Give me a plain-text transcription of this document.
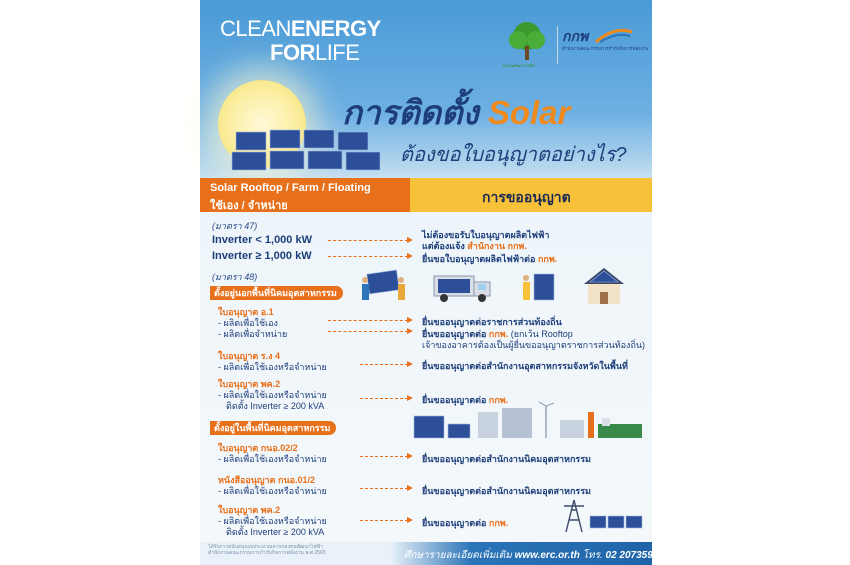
CLEANENERGY
FORLIFE
กองทุนพัฒนาไฟฟ้า
กกพ
สำนักงานคณะกรรมการกำกับกิจการพลังงาน
การติดตั้ง Solar
ต้องขอใบอนุญาตอย่างไร?
Solar Rooftop / Farm / Floating
ใช้เอง / จำหน่าย
การขออนุญาต
(มาตรา 47)
Inverter < 1,000 kW	ไม่ต้องขอรับใบอนุญาตผลิตไฟฟ้า
แต่ต้องแจ้ง สำนักงาน กกพ.
Inverter ≥ 1,000 kW	ยื่นขอใบอนุญาตผลิตไฟฟ้าต่อ กกพ.
(มาตรา 48)
ตั้งอยู่นอกพื้นที่นิคมอุตสาหกรรม
ใบอนุญาต อ.1
- ผลิตเพื่อใช้เอง
- ผลิตเพื่อจำหน่าย
ยื่นขออนุญาตต่อราชการส่วนท้องถิ่น
ยื่นขออนุญาตต่อ กกพ. (ยกเว้น Rooftop
เจ้าของอาคารต้องเป็นผู้ยื่นขออนุญาตราชการส่วนท้องถิ่น)
ใบอนุญาต ร.ง 4
- ผลิตเพื่อใช้เองหรือจำหน่าย	ยื่นขออนุญาตต่อสำนักงานอุตสาหกรรมจังหวัดในพื้นที่
ใบอนุญาต พค.2
- ผลิตเพื่อใช้เองหรือจำหน่าย
ติดตั้ง Inverter ≥ 200 kVA
ยื่นขออนุญาตต่อ กกพ.
ตั้งอยู่ในพื้นที่นิคมอุตสาหกรรม
ใบอนุญาต กนอ.02/2
- ผลิตเพื่อใช้เองหรือจำหน่าย	ยื่นขออนุญาตต่อสำนักงานนิคมอุตสาหกรรม
หนังสืออนุญาต กนอ.01/2
- ผลิตเพื่อใช้เองหรือจำหน่าย	ยื่นขออนุญาตต่อสำนักงานนิคมอุตสาหกรรม
ใบอนุญาต พค.2
- ผลิตเพื่อใช้เองหรือจำหน่าย
ติดตั้ง Inverter ≥ 200 kVA
ยื่นขออนุญาตต่อ กกพ.
ได้รับการสนับสนุนงบประมาณจากกองทุนพัฒนาไฟฟ้า
สำนักงานคณะกรรมการกำกับกิจการพลังงาน พ.ศ.2565	ศึกษารายละเอียดเพิ่มเติม www.erc.or.th โทร. 02 2073599
